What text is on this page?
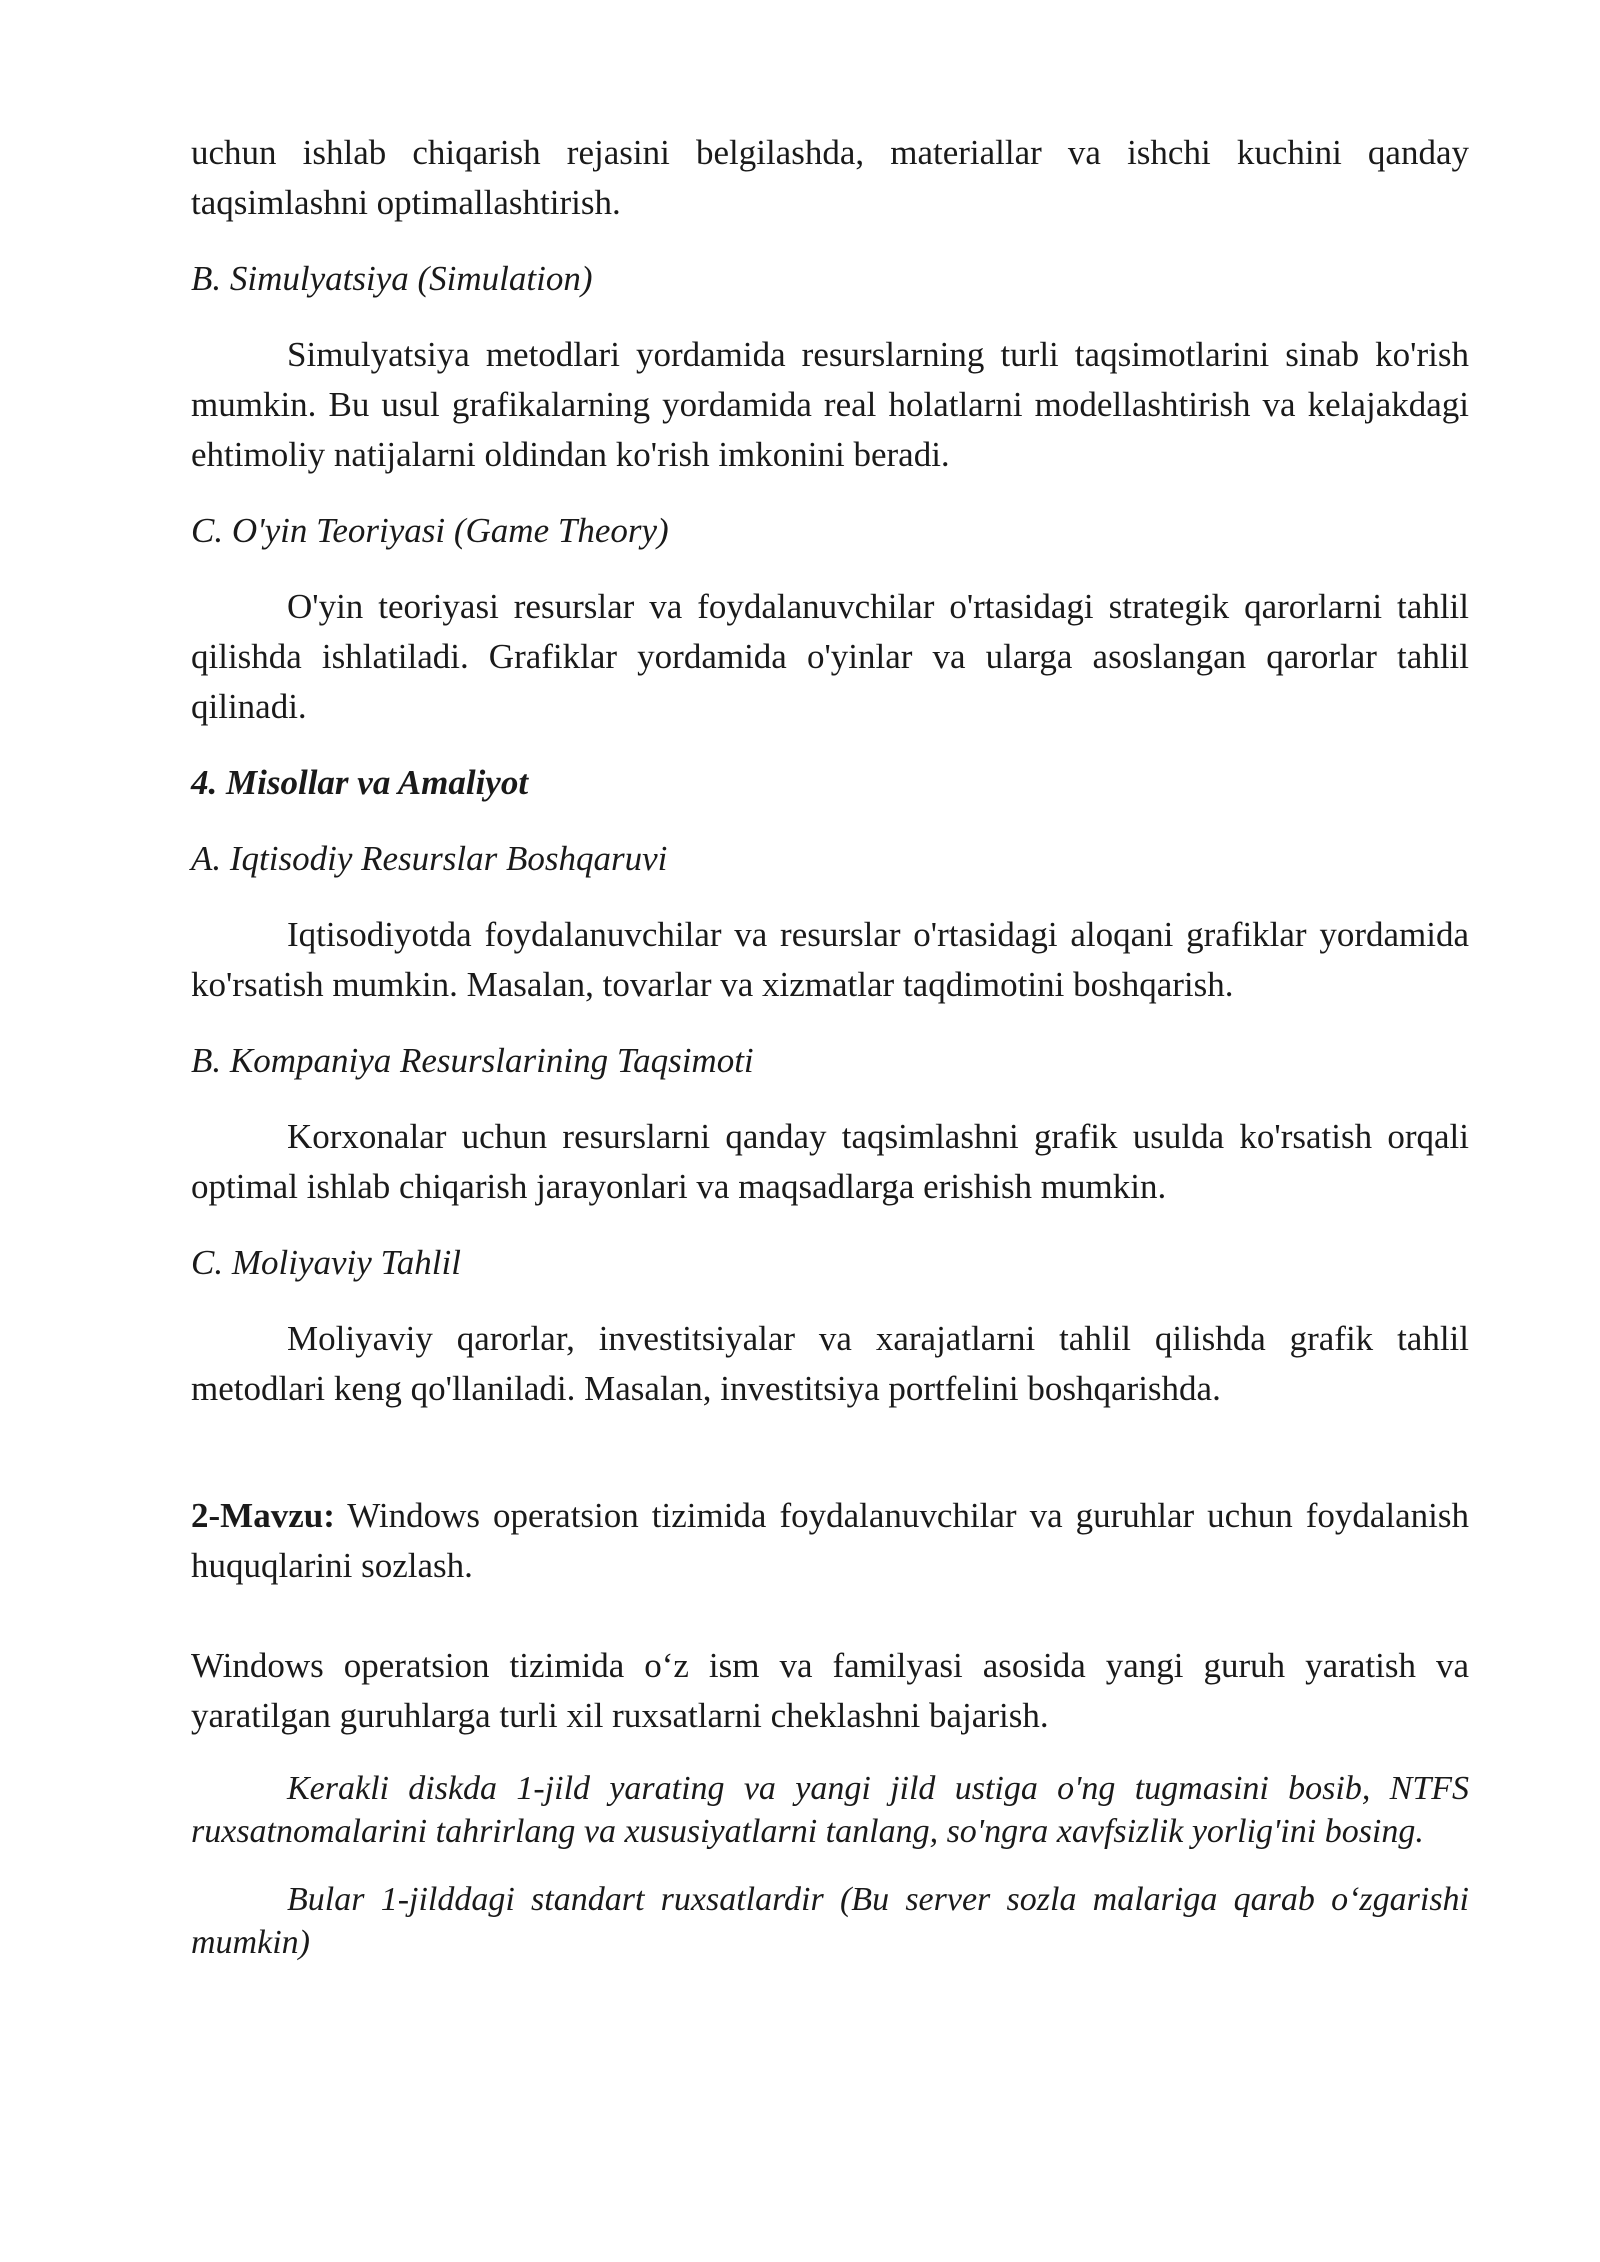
uchun ishlab chiqarish rejasini belgilashda, materiallar va ishchi kuchini qanday taqsimlashni optimallashtirish.

B. Simulyatsiya (Simulation)

Simulyatsiya metodlari yordamida resurslarning turli taqsimotlarini sinab ko'rish mumkin. Bu usul grafikalarning yordamida real holatlarni modellashtirish va kelajakdagi ehtimoliy natijalarni oldindan ko'rish imkonini beradi.

C. O'yin Teoriyasi (Game Theory)

O'yin teoriyasi resurslar va foydalanuvchilar o'rtasidagi strategik qarorlarni tahlil qilishda ishlatiladi. Grafiklar yordamida o'yinlar va ularga asoslangan qarorlar tahlil qilinadi.

4. Misollar va Amaliyot

A. Iqtisodiy Resurslar Boshqaruvi

Iqtisodiyotda foydalanuvchilar va resurslar o'rtasidagi aloqani grafiklar yordamida ko'rsatish mumkin. Masalan, tovarlar va xizmatlar taqdimotini boshqarish.

B. Kompaniya Resurslarining Taqsimoti

Korxonalar uchun resurslarni qanday taqsimlashni grafik usulda ko'rsatish orqali optimal ishlab chiqarish jarayonlari va maqsadlarga erishish mumkin.

C. Moliyaviy Tahlil

Moliyaviy qarorlar, investitsiyalar va xarajatlarni tahlil qilishda grafik tahlil metodlari keng qo'llaniladi. Masalan, investitsiya portfelini boshqarishda.

2-Mavzu: Windows operatsion tizimida foydalanuvchilar va guruhlar uchun foydalanish huquqlarini sozlash.

Windows operatsion tizimida o‘z ism va familyasi asosida yangi guruh yaratish va yaratilgan guruhlarga turli xil ruxsatlarni cheklashni bajarish.

Kerakli diskda 1-jild yarating va yangi jild ustiga o'ng tugmasini bosib, NTFS ruxsatnomalarini tahrirlang va xususiyatlarni tanlang, so'ngra xavfsizlik yorlig'ini bosing.

Bular 1-jilddagi standart ruxsatlardir (Bu server sozla malariga qarab o‘zgarishi mumkin)
